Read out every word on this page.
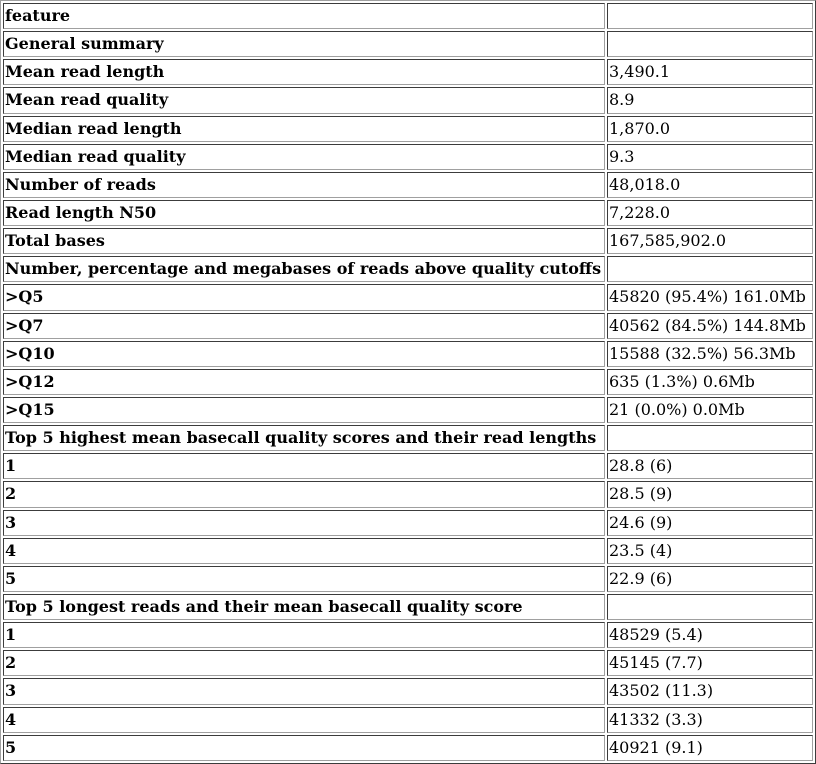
feature	
General summary	
Mean read length	3,490.1
Mean read quality	8.9
Median read length	1,870.0
Median read quality	9.3
Number of reads	48,018.0
Read length N50	7,228.0
Total bases	167,585,902.0
Number, percentage and megabases of reads above quality cutoffs	
>Q5	45820 (95.4%) 161.0Mb
>Q7	40562 (84.5%) 144.8Mb
>Q10	15588 (32.5%) 56.3Mb
>Q12	635 (1.3%) 0.6Mb
>Q15	21 (0.0%) 0.0Mb
Top 5 highest mean basecall quality scores and their read lengths	
1	28.8 (6)
2	28.5 (9)
3	24.6 (9)
4	23.5 (4)
5	22.9 (6)
Top 5 longest reads and their mean basecall quality score	
1	48529 (5.4)
2	45145 (7.7)
3	43502 (11.3)
4	41332 (3.3)
5	40921 (9.1)
